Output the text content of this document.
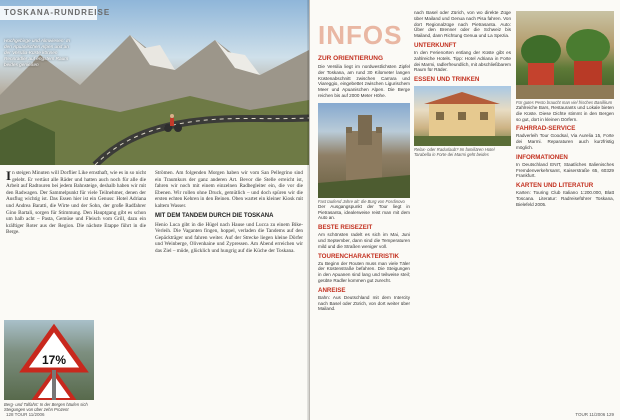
TOSKANA-RUNDREISE
Hochgebirge und Almwiesen: In den Apuanischen Alpen und an der Versilia-Küste können Rennradler auf engstem Raum beides genießen

In steigen Minuten will Dorflier Like ernsthaft, wie es in so nicht gelebt. Er vertäut alle Räder und hatten auch noch für alle die Arbeit auf Radtouren bei jedem Bahnsteige, deshalb haben wir mit den Radwagen. Der Sammelpunkt für viele Teilnehmer, denen der Ausflug wichtig ist. Das Essen hier ist ein Genuss: Hotel Adriana und Andrea Baratti, die Wirte und der Sohn, der große Radfahrer Gino Bartali, sorgen für Stimmung. Den Hauptgang gibt es schon um halb acht – Pasta, Gemüse und Fleisch vom Grill, dazu ein kräftiger Roter aus der Region. Die nächste Etappe führt in die Berge.

Strömen. Am folgenden Morgen haben wir vom San Pellegrino sind ein Traumkurs der ganz anderen Art. Bevor die Stelle erreicht ist, fahren wir noch mit einem einzelnen Radbegleiter ein, die vor die Ebenen. Wir rollen ohne Druck, gemütlich – und doch spüren wir die ersten echten Kehren in den Beinen. Oben wartet ein kleiner Kiosk mit kaltem Wasser.

MIT DEM TANDEM DURCH DIE TOSKANA

Henio Luca gibt in die Hügel nach Hause und Lucca zu einem Bike-Verleih. Die Vaganten fingen, hoppel, verladen die Tandems auf den Gepäckträger und fahren weiter. Auf der Strecke liegen kleine Dörfer und Weinberge, Olivenhaine und Zypressen. Am Abend erreichen wir das Ziel – müde, glücklich und hungrig auf die Küche der Toskana.

17%
Berg- und Talfahrt: In der Bergen häufen sich Steigungen von über zehn Prozent
128 TOUR 11/2006
INFOS
ZUR ORIENTIERUNG

Die Versilia liegt im nordwestlichsten Zipfel der Toskana, am rund 30 Kilometer langen Küstenabschnitt zwischen Carrara und Viareggio, eingebettet zwischen Ligurischem Meer und Apuanischen Alpen. Die Berge reichen bis auf 2000 Meter Höhe.

Fast taufend Jahre alt: die Burg von Fosdinovo

Der Ausgangspunkt der Tour liegt in Pietrasanta, idealerweise reist man mit dem Auto an.

BESTE REISEZEIT

Am schönsten radelt es sich im Mai, Juni und September, dann sind die Temperaturen mild und die Straßen weniger voll.

TOURENCHARAKTERISTIK

Zu Beginn der Routen muss man viele Täler der Küstenstraße befahren. Die Steigungen in den Apuanen sind lang und teilweise steil; geübte Radler kommen gut zurecht.

ANREISE

Bahn: Aus Deutschland mit dem Intercity nach Basel oder Zürich, von dort weiter über Mailand.

nach Basel oder Zürich, von wo direkte Züge über Mailand und Genua nach Pisa fahren. Von dort Regionalzüge nach Pietrasanta. Auto: Über den Brenner oder die Schweiz bis Mailand, dann Richtung Genua und La Spezia.

UNTERKUNFT

In den Ferienorten entlang der Küste gibt es zahlreiche Hotels. Tipp: Hotel Adriana in Forte dei Marmi, radlerfreundlich, mit abschließbarem Raum für Räder.

ESSEN UND TRINKEN
Relax- oder Radurlaub? Im familiären Hotel Tarabella in Forte dei Marmi geht beides
Für gutes Pesto braucht man viel frisches Basilikum

Zahlreiche Bars, Restaurants und Lokale bieten die Küste. Diese Dichte stimmt in den Bergen so gut, dort in kleinen Dörfern.

FAHRRAD-SERVICE

Radverleih Tour Goodsal, Via Aurelia 15, Forte dei Marmi. Reparaturen auch kurzfristig möglich.

INFORMATIONEN

In Deutschland ENIT, Staatliches Italienisches Fremdenverkehrsamt, Kaiserstraße 65, 60329 Frankfurt.

KARTEN UND LITERATUR

Karten: Touring Club Italiano 1:200.000, Blatt Toscana. Literatur: Radreiseführer Toskana, Bielefeld 2005.

TOUR 11/2006 129
